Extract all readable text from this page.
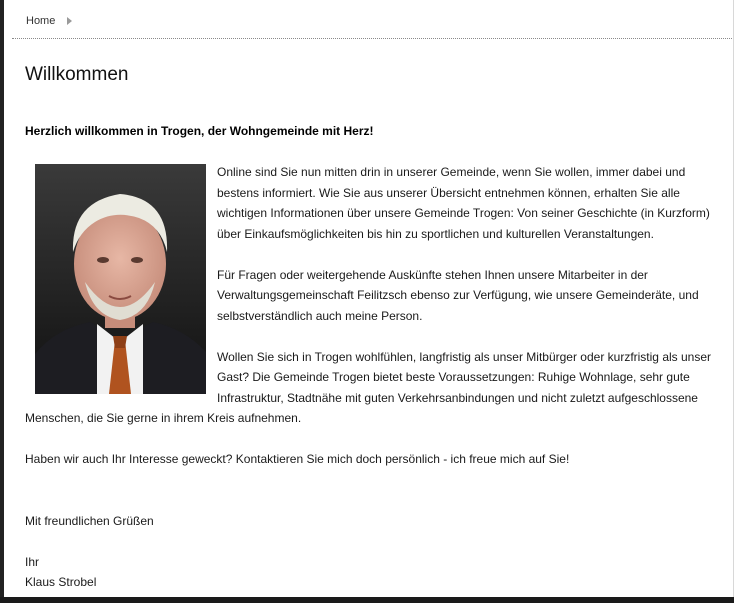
Home
Willkommen
Herzlich willkommen in Trogen, der Wohngemeinde mit Herz!

Online sind Sie nun mitten drin in unserer Gemeinde, wenn Sie wollen, immer dabei und bestens informiert. Wie Sie aus unserer Übersicht entnehmen können, erhalten Sie alle wichtigen Informationen über unsere Gemeinde Trogen: Von seiner Geschichte (in Kurzform) über Einkaufsmöglichkeiten bis hin zu sportlichen und kulturellen Veranstaltungen.

Für Fragen oder weitergehende Auskünfte stehen Ihnen unsere Mitarbeiter in der Verwaltungsgemeinschaft Feilitzsch ebenso zur Verfügung, wie unsere Gemeinderäte, und selbstverständlich auch meine Person.

Wollen Sie sich in Trogen wohlfühlen, langfristig als unser Mitbürger oder kurzfristig als unser Gast? Die Gemeinde Trogen bietet beste Voraussetzungen: Ruhige Wohnlage, sehr gute Infrastruktur, Stadtnähe mit guten Verkehrsanbindungen und nicht zuletzt aufgeschlossene Menschen, die Sie gerne in ihrem Kreis aufnehmen.

Haben wir auch Ihr Interesse geweckt? Kontaktieren Sie mich doch persönlich - ich freue mich auf Sie!

Mit freundlichen Grüßen

Ihr
Klaus Strobel
